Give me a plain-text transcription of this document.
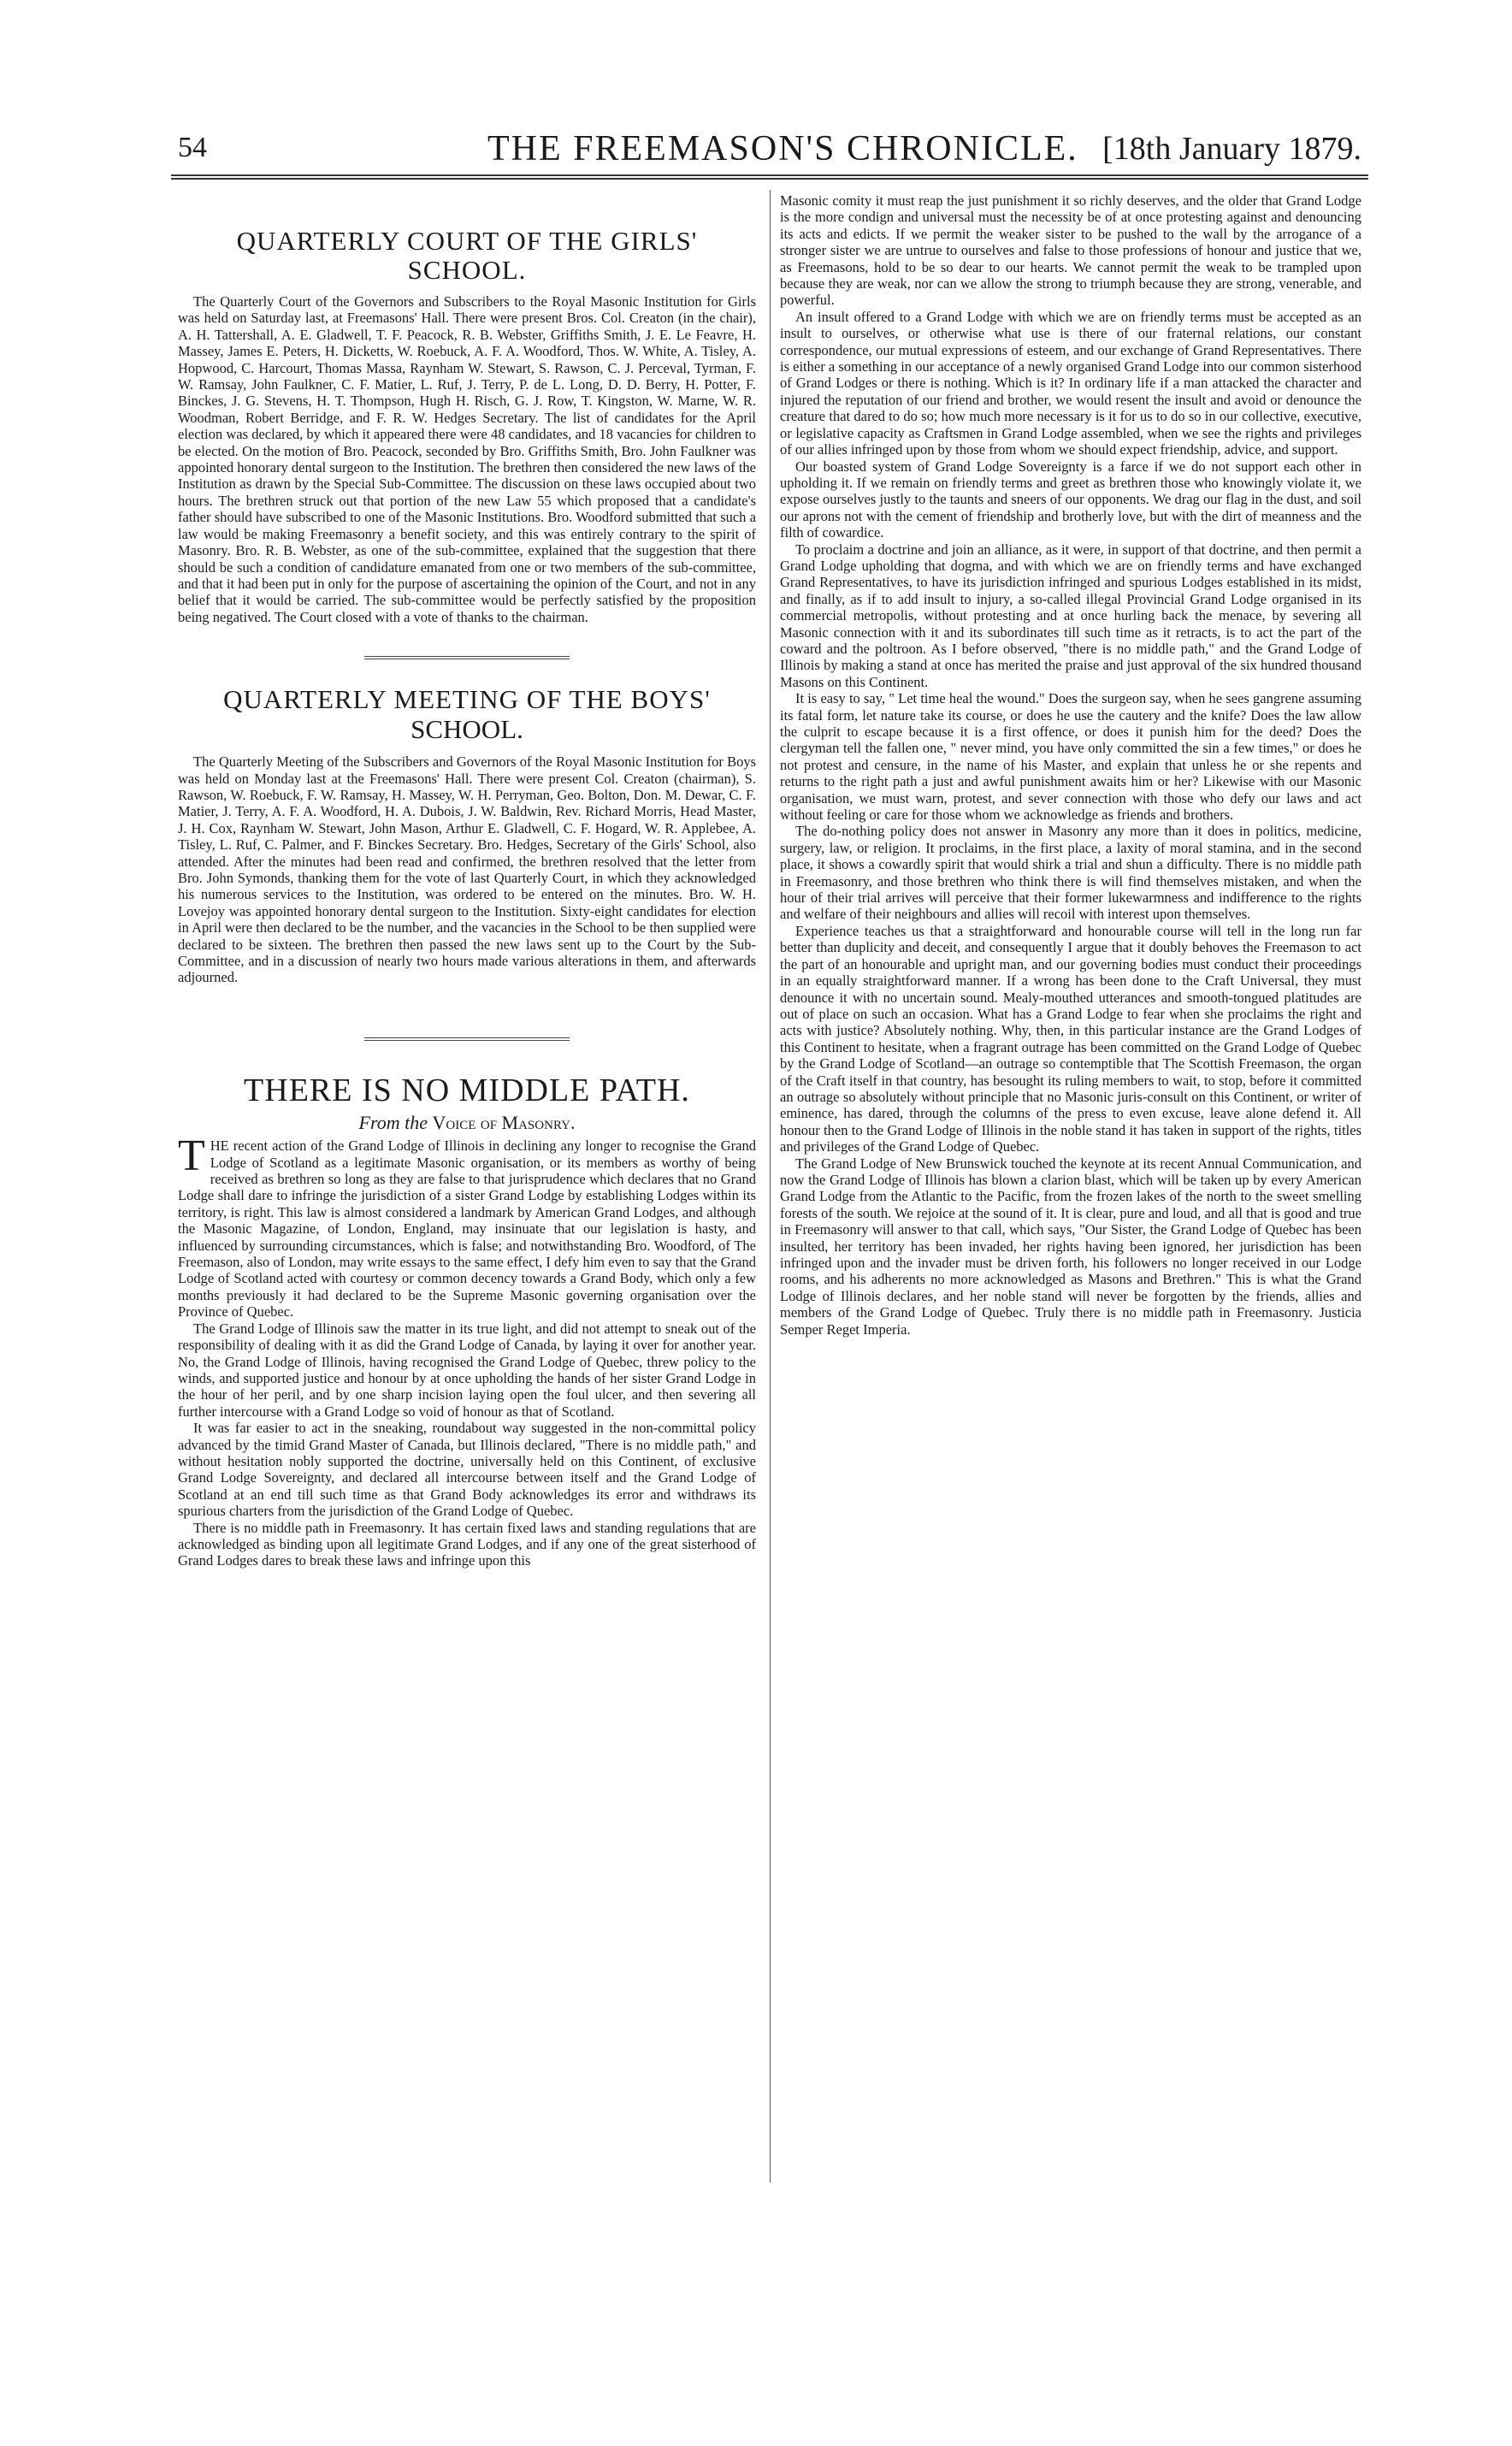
54	THE FREEMASON'S CHRONICLE. [18th January 1879.
QUARTERLY COURT OF THE GIRLS' SCHOOL.

The Quarterly Court of the Governors and Subscribers to the Royal Masonic Institution for Girls was held on Saturday last, at Freemasons' Hall. There were present Bros. Col. Creaton (in the chair), A. H. Tattershall, A. E. Gladwell, T. F. Peacock, R. B. Webster, Griffiths Smith, J. E. Le Feavre, H. Massey, James E. Peters, H. Dicketts, W. Roebuck, A. F. A. Woodford, Thos. W. White, A. Tisley, A. Hopwood, C. Harcourt, Thomas Massa, Raynham W. Stewart, S. Rawson, C. J. Perceval, Tyrman, F. W. Ramsay, John Faulkner, C. F. Matier, L. Ruf, J. Terry, P. de L. Long, D. D. Berry, H. Potter, F. Binckes, J. G. Stevens, H. T. Thompson, Hugh H. Risch, G. J. Row, T. Kingston, W. Marne, W. R. Woodman, Robert Berridge, and F. R. W. Hedges Secretary. The list of candidates for the April election was declared, by which it appeared there were 48 candidates, and 18 vacancies for children to be elected. On the motion of Bro. Peacock, seconded by Bro. Griffiths Smith, Bro. John Faulkner was appointed honorary dental surgeon to the Institution. The brethren then considered the new laws of the Institution as drawn by the Special Sub-Committee. The discussion on these laws occupied about two hours. The brethren struck out that portion of the new Law 55 which proposed that a candidate's father should have subscribed to one of the Masonic Institutions. Bro. Woodford submitted that such a law would be making Freemasonry a benefit society, and this was entirely contrary to the spirit of Masonry. Bro. R. B. Webster, as one of the sub-committee, explained that the suggestion that there should be such a condition of candidature emanated from one or two members of the sub-committee, and that it had been put in only for the purpose of ascertaining the opinion of the Court, and not in any belief that it would be carried. The sub-committee would be perfectly satisfied by the proposition being negatived. The Court closed with a vote of thanks to the chairman.

QUARTERLY MEETING OF THE BOYS'
SCHOOL.

The Quarterly Meeting of the Subscribers and Governors of the Royal Masonic Institution for Boys was held on Monday last at the Freemasons' Hall. There were present Col. Creaton (chairman), S. Rawson, W. Roebuck, F. W. Ramsay, H. Massey, W. H. Perryman, Geo. Bolton, Don. M. Dewar, C. F. Matier, J. Terry, A. F. A. Woodford, H. A. Dubois, J. W. Baldwin, Rev. Richard Morris, Head Master, J. H. Cox, Raynham W. Stewart, John Mason, Arthur E. Gladwell, C. F. Hogard, W. R. Applebee, A. Tisley, L. Ruf, C. Palmer, and F. Binckes Secretary. Bro. Hedges, Secretary of the Girls' School, also attended. After the minutes had been read and confirmed, the brethren resolved that the letter from Bro. John Symonds, thanking them for the vote of last Quarterly Court, in which they acknowledged his numerous services to the Institution, was ordered to be entered on the minutes. Bro. W. H. Lovejoy was appointed honorary dental surgeon to the Institution. Sixty-eight candidates for election in April were then declared to be the number, and the vacancies in the School to be then supplied were declared to be sixteen. The brethren then passed the new laws sent up to the Court by the Sub-Committee, and in a discussion of nearly two hours made various alterations in them, and afterwards adjourned.

THERE IS NO MIDDLE PATH.
From the Voice of Masonry.

THE recent action of the Grand Lodge of Illinois in declining any longer to recognise the Grand Lodge of Scotland as a legitimate Masonic organisation, or its members as worthy of being received as brethren so long as they are false to that jurisprudence which declares that no Grand Lodge shall dare to infringe the jurisdiction of a sister Grand Lodge by establishing Lodges within its territory, is right. This law is almost considered a landmark by American Grand Lodges, and although the Masonic Magazine, of London, England, may insinuate that our legislation is hasty, and influenced by surrounding circumstances, which is false; and notwithstanding Bro. Woodford, of The Freemason, also of London, may write essays to the same effect, I defy him even to say that the Grand Lodge of Scotland acted with courtesy or common decency towards a Grand Body, which only a few months previously it had declared to be the Supreme Masonic governing organisation over the Province of Quebec.

The Grand Lodge of Illinois saw the matter in its true light, and did not attempt to sneak out of the responsibility of dealing with it as did the Grand Lodge of Canada, by laying it over for another year. No, the Grand Lodge of Illinois, having recognised the Grand Lodge of Quebec, threw policy to the winds, and supported justice and honour by at once upholding the hands of her sister Grand Lodge in the hour of her peril, and by one sharp incision laying open the foul ulcer, and then severing all further intercourse with a Grand Lodge so void of honour as that of Scotland.

It was far easier to act in the sneaking, roundabout way suggested in the non-committal policy advanced by the timid Grand Master of Canada, but Illinois declared, "There is no middle path," and without hesitation nobly supported the doctrine, universally held on this Continent, of exclusive Grand Lodge Sovereignty, and declared all intercourse between itself and the Grand Lodge of Scotland at an end till such time as that Grand Body acknowledges its error and withdraws its spurious charters from the jurisdiction of the Grand Lodge of Quebec.

There is no middle path in Freemasonry. It has certain fixed laws and standing regulations that are acknowledged as binding upon all legitimate Grand Lodges, and if any one of the great sisterhood of Grand Lodges dares to break these laws and infringe upon this

Masonic comity it must reap the just punishment it so richly deserves, and the older that Grand Lodge is the more condign and universal must the necessity be of at once protesting against and denouncing its acts and edicts. If we permit the weaker sister to be pushed to the wall by the arrogance of a stronger sister we are untrue to ourselves and false to those professions of honour and justice that we, as Freemasons, hold to be so dear to our hearts. We cannot permit the weak to be trampled upon because they are weak, nor can we allow the strong to triumph because they are strong, venerable, and powerful.

An insult offered to a Grand Lodge with which we are on friendly terms must be accepted as an insult to ourselves, or otherwise what use is there of our fraternal relations, our constant correspondence, our mutual expressions of esteem, and our exchange of Grand Representatives. There is either a something in our acceptance of a newly organised Grand Lodge into our common sisterhood of Grand Lodges or there is nothing. Which is it? In ordinary life if a man attacked the character and injured the reputation of our friend and brother, we would resent the insult and avoid or denounce the creature that dared to do so; how much more necessary is it for us to do so in our collective, executive, or legislative capacity as Craftsmen in Grand Lodge assembled, when we see the rights and privileges of our allies infringed upon by those from whom we should expect friendship, advice, and support.

Our boasted system of Grand Lodge Sovereignty is a farce if we do not support each other in upholding it. If we remain on friendly terms and greet as brethren those who knowingly violate it, we expose ourselves justly to the taunts and sneers of our opponents. We drag our flag in the dust, and soil our aprons not with the cement of friendship and brotherly love, but with the dirt of meanness and the filth of cowardice.

To proclaim a doctrine and join an alliance, as it were, in support of that doctrine, and then permit a Grand Lodge upholding that dogma, and with which we are on friendly terms and have exchanged Grand Representatives, to have its jurisdiction infringed and spurious Lodges established in its midst, and finally, as if to add insult to injury, a so-called illegal Provincial Grand Lodge organised in its commercial metropolis, without protesting and at once hurling back the menace, by severing all Masonic connection with it and its subordinates till such time as it retracts, is to act the part of the coward and the poltroon. As I before observed, "there is no middle path," and the Grand Lodge of Illinois by making a stand at once has merited the praise and just approval of the six hundred thousand Masons on this Continent.

It is easy to say, " Let time heal the wound." Does the surgeon say, when he sees gangrene assuming its fatal form, let nature take its course, or does he use the cautery and the knife? Does the law allow the culprit to escape because it is a first offence, or does it punish him for the deed? Does the clergyman tell the fallen one, " never mind, you have only committed the sin a few times," or does he not protest and censure, in the name of his Master, and explain that unless he or she repents and returns to the right path a just and awful punishment awaits him or her? Likewise with our Masonic organisation, we must warn, protest, and sever connection with those who defy our laws and act without feeling or care for those whom we acknowledge as friends and brothers.

The do-nothing policy does not answer in Masonry any more than it does in politics, medicine, surgery, law, or religion. It proclaims, in the first place, a laxity of moral stamina, and in the second place, it shows a cowardly spirit that would shirk a trial and shun a difficulty. There is no middle path in Freemasonry, and those brethren who think there is will find themselves mistaken, and when the hour of their trial arrives will perceive that their former lukewarmness and indifference to the rights and welfare of their neighbours and allies will recoil with interest upon themselves.

Experience teaches us that a straightforward and honourable course will tell in the long run far better than duplicity and deceit, and consequently I argue that it doubly behoves the Freemason to act the part of an honourable and upright man, and our governing bodies must conduct their proceedings in an equally straightforward manner. If a wrong has been done to the Craft Universal, they must denounce it with no uncertain sound. Mealy-mouthed utterances and smooth-tongued platitudes are out of place on such an occasion. What has a Grand Lodge to fear when she proclaims the right and acts with justice? Absolutely nothing. Why, then, in this particular instance are the Grand Lodges of this Continent to hesitate, when a fragrant outrage has been committed on the Grand Lodge of Quebec by the Grand Lodge of Scotland—an outrage so contemptible that The Scottish Freemason, the organ of the Craft itself in that country, has besought its ruling members to wait, to stop, before it committed an outrage so absolutely without principle that no Masonic juris-consult on this Continent, or writer of eminence, has dared, through the columns of the press to even excuse, leave alone defend it. All honour then to the Grand Lodge of Illinois in the noble stand it has taken in support of the rights, titles and privileges of the Grand Lodge of Quebec.

The Grand Lodge of New Brunswick touched the keynote at its recent Annual Communication, and now the Grand Lodge of Illinois has blown a clarion blast, which will be taken up by every American Grand Lodge from the Atlantic to the Pacific, from the frozen lakes of the north to the sweet smelling forests of the south. We rejoice at the sound of it. It is clear, pure and loud, and all that is good and true in Freemasonry will answer to that call, which says, "Our Sister, the Grand Lodge of Quebec has been insulted, her territory has been invaded, her rights having been ignored, her jurisdiction has been infringed upon and the invader must be driven forth, his followers no longer received in our Lodge rooms, and his adherents no more acknowledged as Masons and Brethren." This is what the Grand Lodge of Illinois declares, and her noble stand will never be forgotten by the friends, allies and members of the Grand Lodge of Quebec. Truly there is no middle path in Freemasonry. Justicia Semper Reget Imperia.
